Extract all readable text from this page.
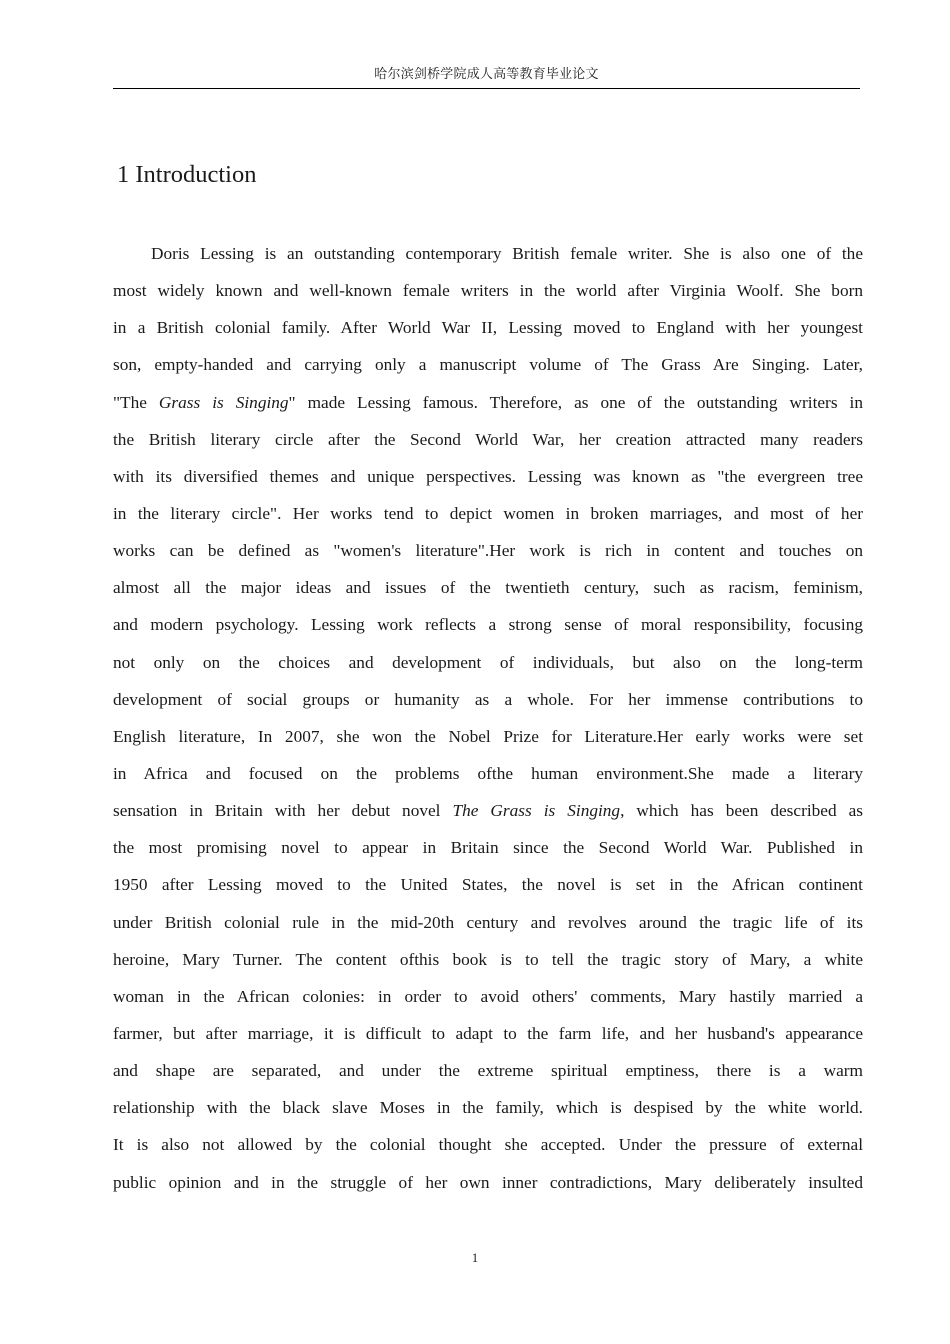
哈尔滨剑桥学院成人高等教育毕业论文
1 Introduction

Doris Lessing is an outstanding contemporary British female writer. She is also one of the
most widely known and well-known female writers in the world after Virginia Woolf. She born
in a British colonial family. After World War II, Lessing moved to England with her youngest
son, empty-handed and carrying only a manuscript volume of The Grass Are Singing. Later,
"The Grass is Singing" made Lessing famous. Therefore, as one of the outstanding writers in
the British literary circle after the Second World War, her creation attracted many readers
with its diversified themes and unique perspectives. Lessing was known as "the evergreen tree
in the literary circle". Her works tend to depict women in broken marriages, and most of her
works can be defined as "women's literature".Her work is rich in content and touches on
almost all the major ideas and issues of the twentieth century, such as racism, feminism,
and modern psychology. Lessing work reflects a strong sense of moral responsibility, focusing
not only on the choices and development of individuals, but also on the long-term
development of social groups or humanity as a whole. For her immense contributions to
English literature, In 2007, she won the Nobel Prize for Literature.Her early works were set
in Africa and focused on the problems ofthe human environment.She made a literary
sensation in Britain with her debut novel The Grass is Singing, which has been described as
the most promising novel to appear in Britain since the Second World War. Published in
1950 after Lessing moved to the United States, the novel is set in the African continent
under British colonial rule in the mid-20th century and revolves around the tragic life of its
heroine, Mary Turner. The content ofthis book is to tell the tragic story of Mary, a white
woman in the African colonies: in order to avoid others' comments, Mary hastily married a
farmer, but after marriage, it is difficult to adapt to the farm life, and her husband's appearance
and shape are separated, and under the extreme spiritual emptiness, there is a warm
relationship with the black slave Moses in the family, which is despised by the white world.
It is also not allowed by the colonial thought she accepted. Under the pressure of external
public opinion and in the struggle of her own inner contradictions, Mary deliberately insulted

1
